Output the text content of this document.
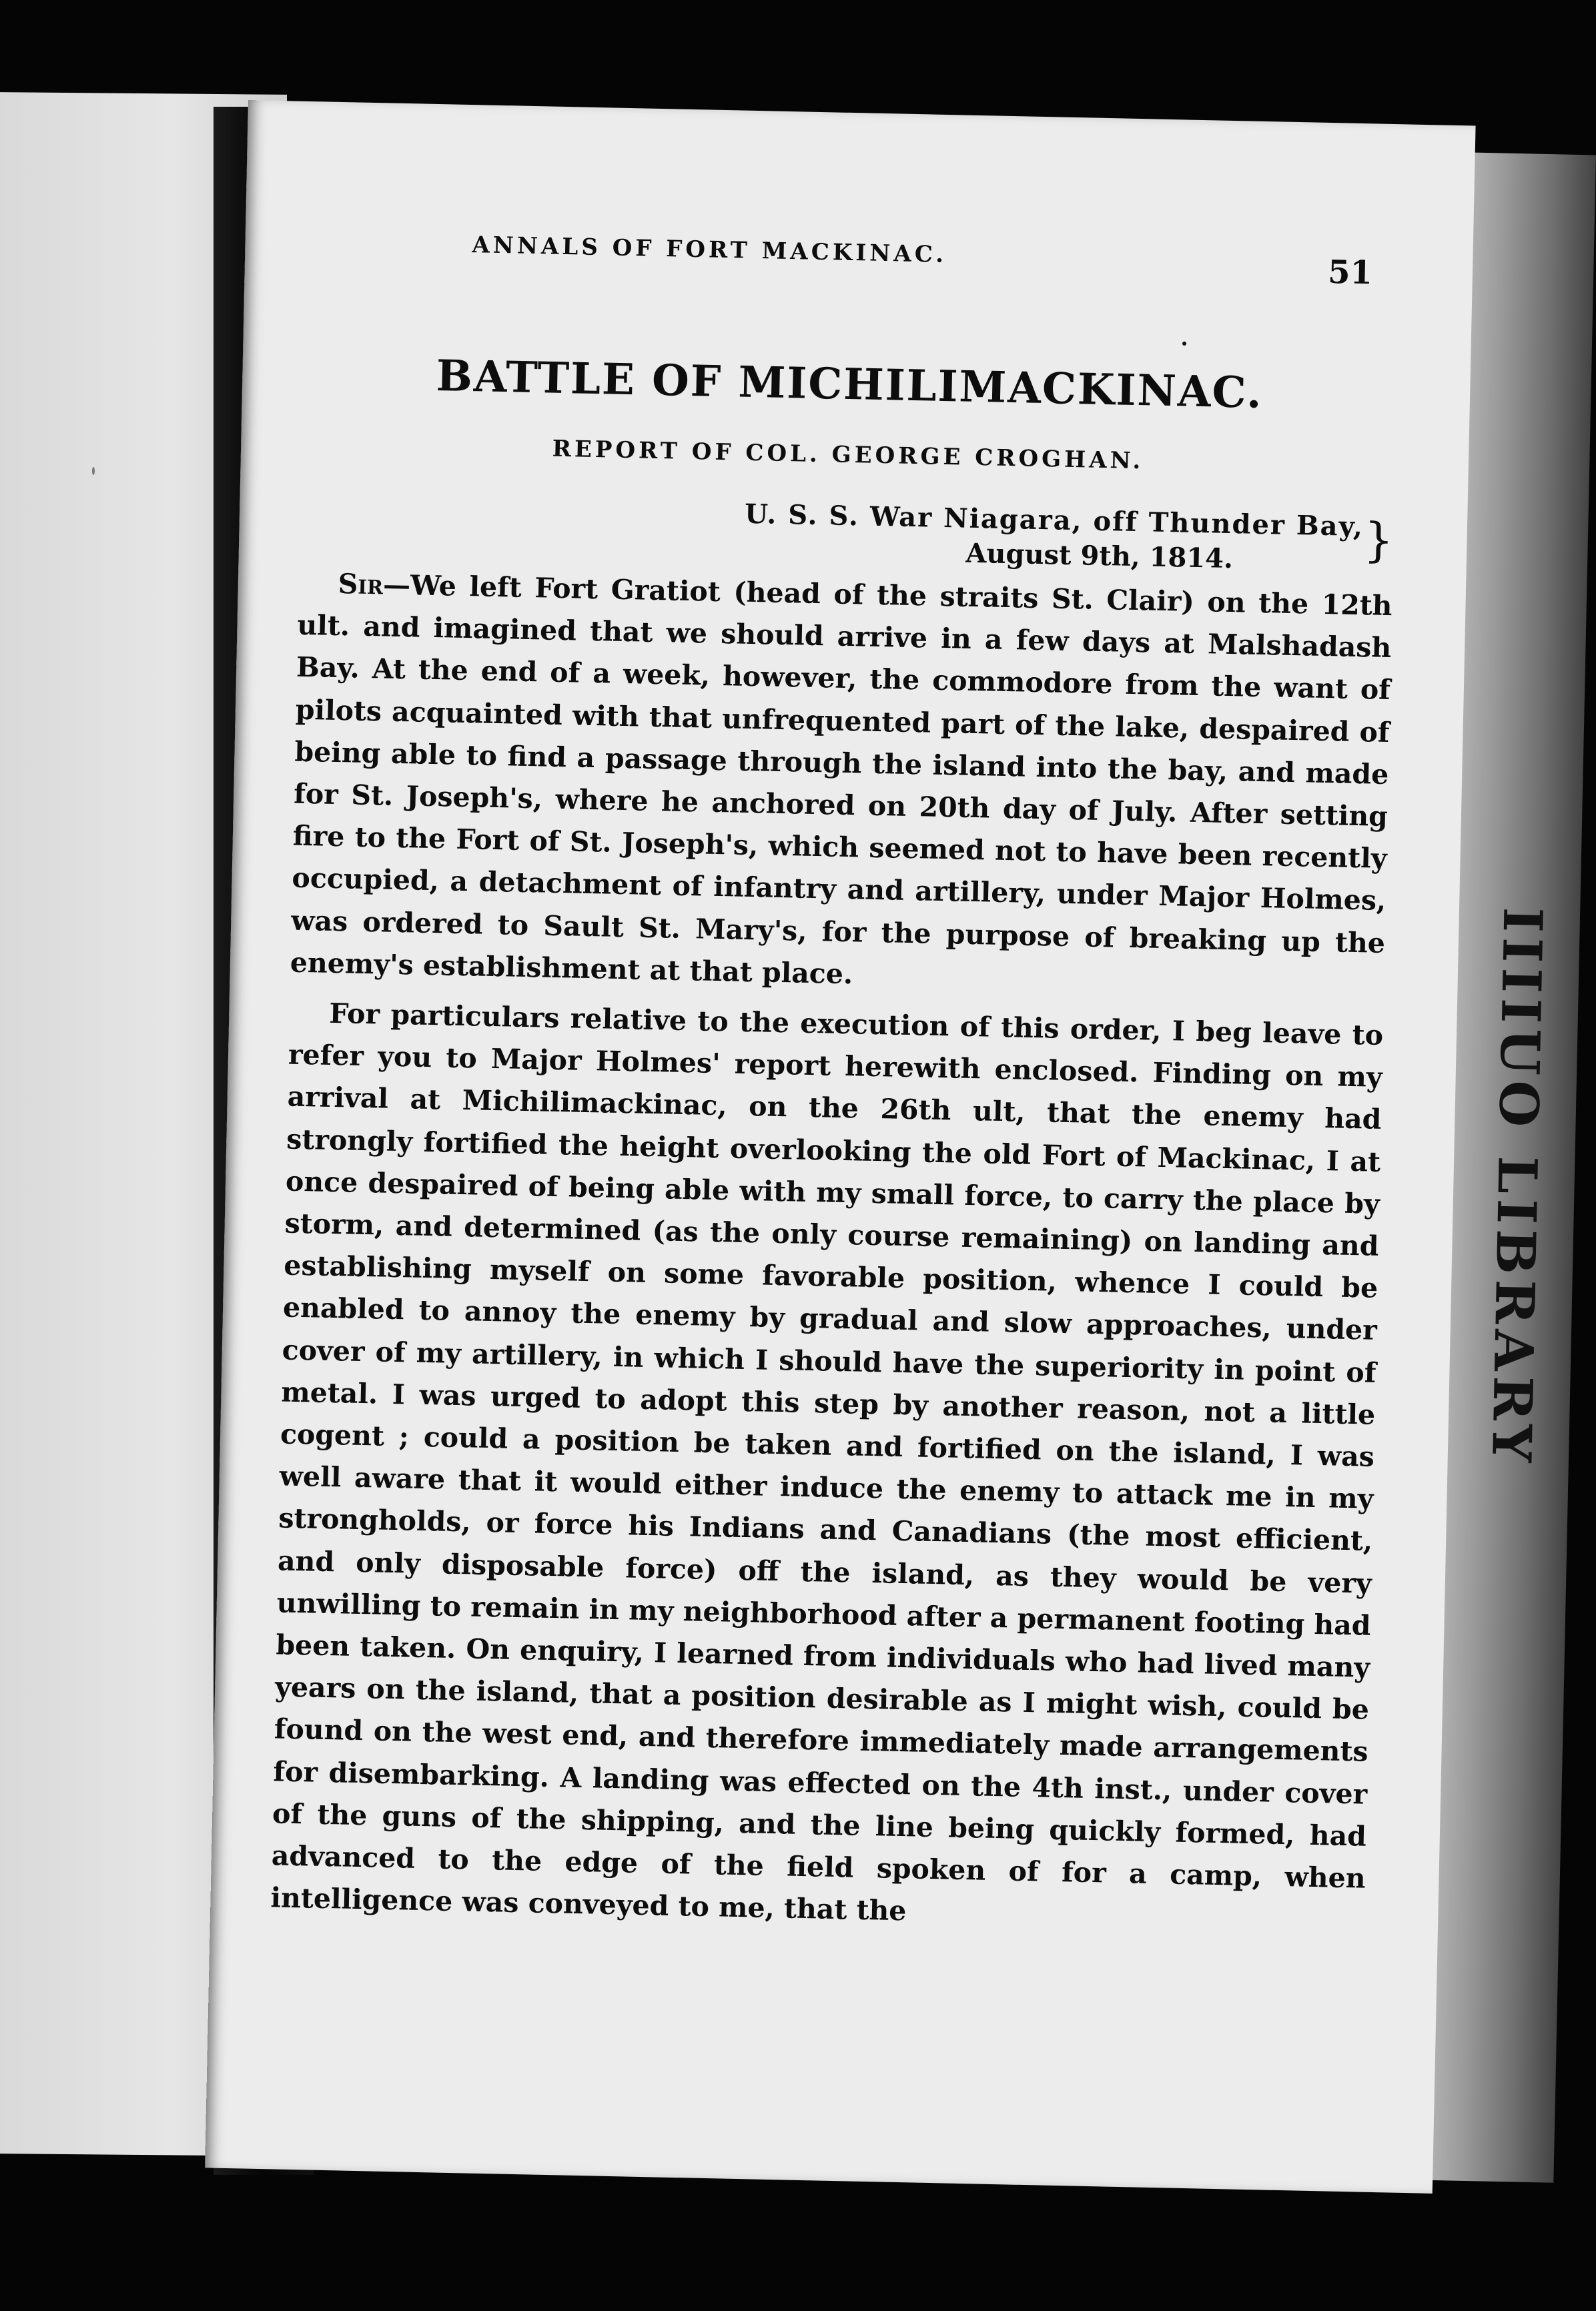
IIIIUO LIBRARY
ANNALS OF FORT MACKINAC.
51
BATTLE OF MICHILIMACKINAC.
REPORT OF COL. GEORGE CROGHAN.
U. S. S. War Niagara, off Thunder Bay,
August 9th, 1814.	}

Sir—We left Fort Gratiot (head of the straits St. Clair) on the 12th ult. and imagined that we should arrive in a few days at Malshadash Bay. At the end of a week, however, the commodore from the want of pilots acquainted with that unfrequented part of the lake, despaired of being able to find a passage through the island into the bay, and made for St. Joseph's, where he anchored on 20th day of July. After setting fire to the Fort of St. Joseph's, which seemed not to have been recently occupied, a detachment of infantry and artillery, under Major Holmes, was ordered to Sault St. Mary's, for the purpose of breaking up the enemy's establishment at that place.

For particulars relative to the execution of this order, I beg leave to refer you to Major Holmes' report herewith enclosed. Finding on my arrival at Michilimackinac, on the 26th ult, that the enemy had strongly fortified the height overlooking the old Fort of Mackinac, I at once despaired of being able with my small force, to carry the place by storm, and determined (as the only course remaining) on landing and establishing myself on some favorable position, whence I could be enabled to annoy the enemy by gradual and slow approaches, under cover of my artillery, in which I should have the superiority in point of metal. I was urged to adopt this step by another reason, not a little cogent ; could a position be taken and fortified on the island, I was well aware that it would either induce the enemy to attack me in my strongholds, or force his Indians and Canadians (the most efficient, and only disposable force) off the island, as they would be very unwilling to remain in my neighborhood after a permanent footing had been taken. On enquiry, I learned from individuals who had lived many years on the island, that a position desirable as I might wish, could be found on the west end, and therefore immediately made arrangements for disembarking. A landing was effected on the 4th inst., under cover of the guns of the shipping, and the line being quickly formed, had advanced to the edge of the field spoken of for a camp, when intelligence was conveyed to me, that the
